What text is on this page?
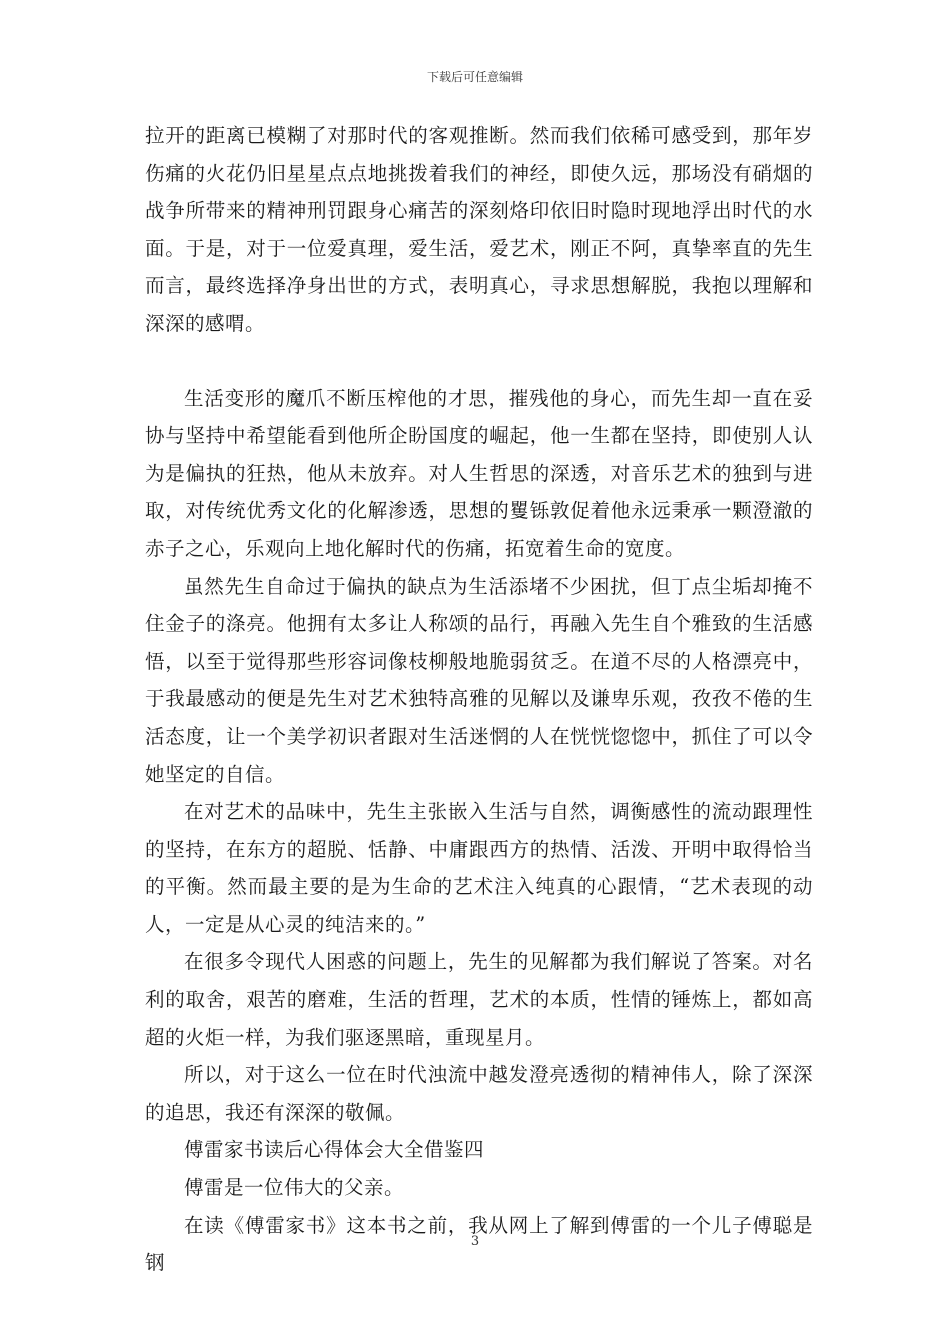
下载后可任意编辑

拉开的距离已模糊了对那时代的客观推断。然而我们依稀可感受到，那年岁伤痛的火花仍旧星星点点地挑拨着我们的神经，即使久远，那场没有硝烟的战争所带来的精神刑罚跟身心痛苦的深刻烙印依旧时隐时现地浮出时代的水面。于是，对于一位爱真理，爱生活，爱艺术，刚正不阿，真挚率直的先生而言，最终选择净身出世的方式，表明真心，寻求思想解脱，我抱以理解和深深的感喟。

生活变形的魔爪不断压榨他的才思，摧残他的身心，而先生却一直在妥协与坚持中希望能看到他所企盼国度的崛起，他一生都在坚持，即使别人认为是偏执的狂热，他从未放弃。对人生哲思的深透，对音乐艺术的独到与进取，对传统优秀文化的化解渗透，思想的矍铄敦促着他永远秉承一颗澄澈的赤子之心，乐观向上地化解时代的伤痛，拓宽着生命的宽度。

虽然先生自命过于偏执的缺点为生活添堵不少困扰，但丁点尘垢却掩不住金子的涤亮。他拥有太多让人称颂的品行，再融入先生自个雅致的生活感悟，以至于觉得那些形容词像枝柳般地脆弱贫乏。在道不尽的人格漂亮中，于我最感动的便是先生对艺术独特高雅的见解以及谦卑乐观，孜孜不倦的生活态度，让一个美学初识者跟对生活迷惘的人在恍恍惚惚中，抓住了可以令她坚定的自信。

在对艺术的品味中，先生主张嵌入生活与自然，调衡感性的流动跟理性的坚持，在东方的超脱、恬静、中庸跟西方的热情、活泼、开明中取得恰当的平衡。然而最主要的是为生命的艺术注入纯真的心跟情，“艺术表现的动人，一定是从心灵的纯洁来的。”

在很多令现代人困惑的问题上，先生的见解都为我们解说了答案。对名利的取舍，艰苦的磨难，生活的哲理，艺术的本质，性情的锤炼上，都如高超的火炬一样，为我们驱逐黑暗，重现星月。

所以，对于这么一位在时代浊流中越发澄亮透彻的精神伟人，除了深深的追思，我还有深深的敬佩。

傅雷家书读后心得体会大全借鉴四

傅雷是一位伟大的父亲。

在读《傅雷家书》这本书之前，我从网上了解到傅雷的一个儿子傅聪是钢

3
